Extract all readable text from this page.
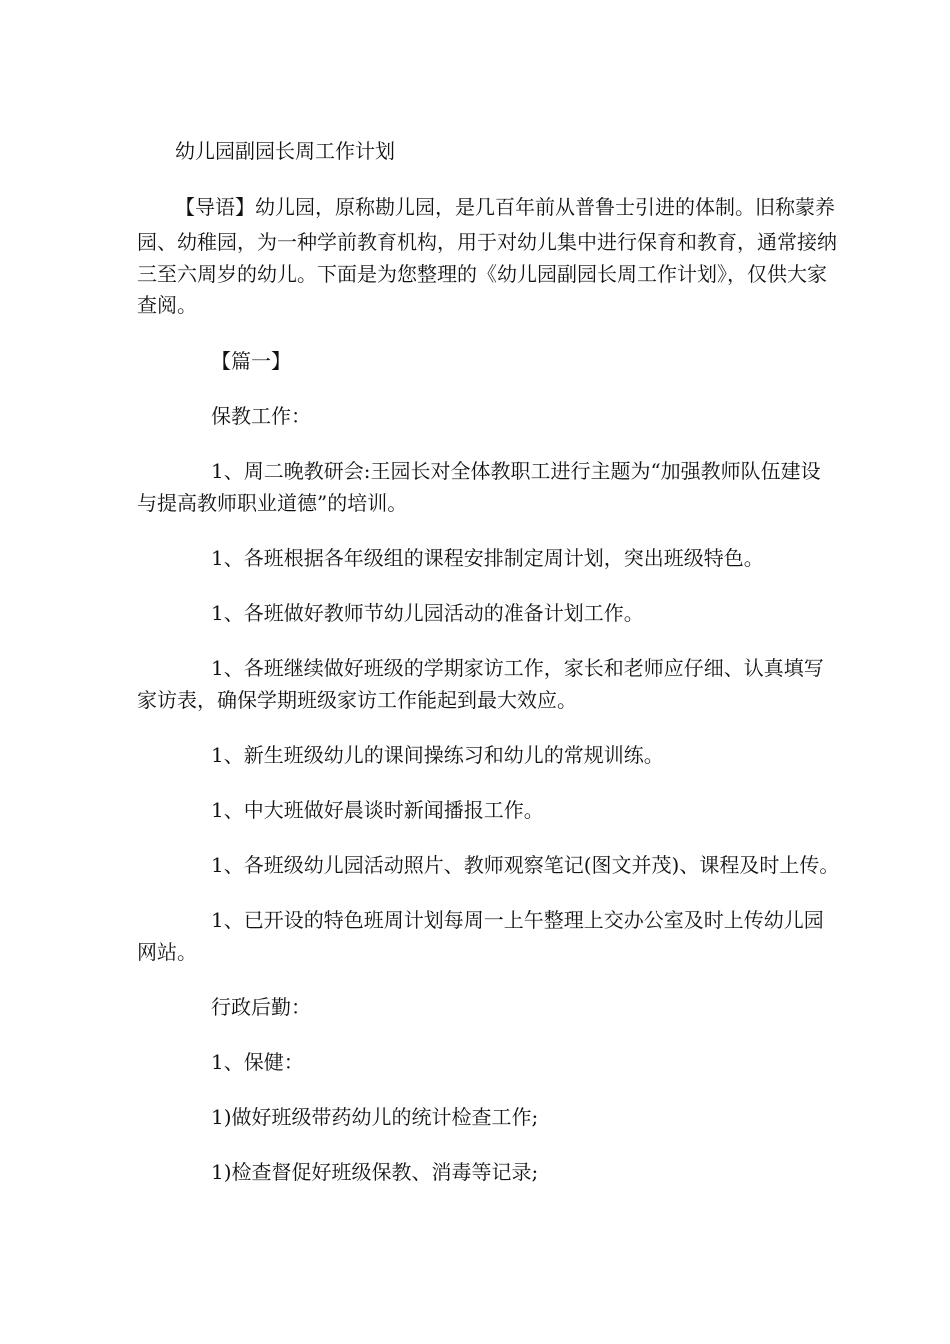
幼儿园副园长周工作计划
【导语】幼儿园，原称勘儿园，是几百年前从普鲁士引进的体制。旧称蒙养
园、幼稚园，为一种学前教育机构，用于对幼儿集中进行保育和教育，通常接纳
三至六周岁的幼儿。下面是为您整理的《幼儿园副园长周工作计划》，仅供大家
查阅。
【篇一】
保教工作：
1、周二晚教研会:王园长对全体教职工进行主题为“加强教师队伍建设
与提高教师职业道德”的培训。
1、各班根据各年级组的课程安排制定周计划，突出班级特色。
1、各班做好教师节幼儿园活动的准备计划工作。
1、各班继续做好班级的学期家访工作，家长和老师应仔细、认真填写
家访表，确保学期班级家访工作能起到最大效应。
1、新生班级幼儿的课间操练习和幼儿的常规训练。
1、中大班做好晨谈时新闻播报工作。
1、各班级幼儿园活动照片、教师观察笔记(图文并茂)、课程及时上传。
1、已开设的特色班周计划每周一上午整理上交办公室及时上传幼儿园
网站。
行政后勤：
1、保健：
1)做好班级带药幼儿的统计检查工作;
1)检查督促好班级保教、消毒等记录;
